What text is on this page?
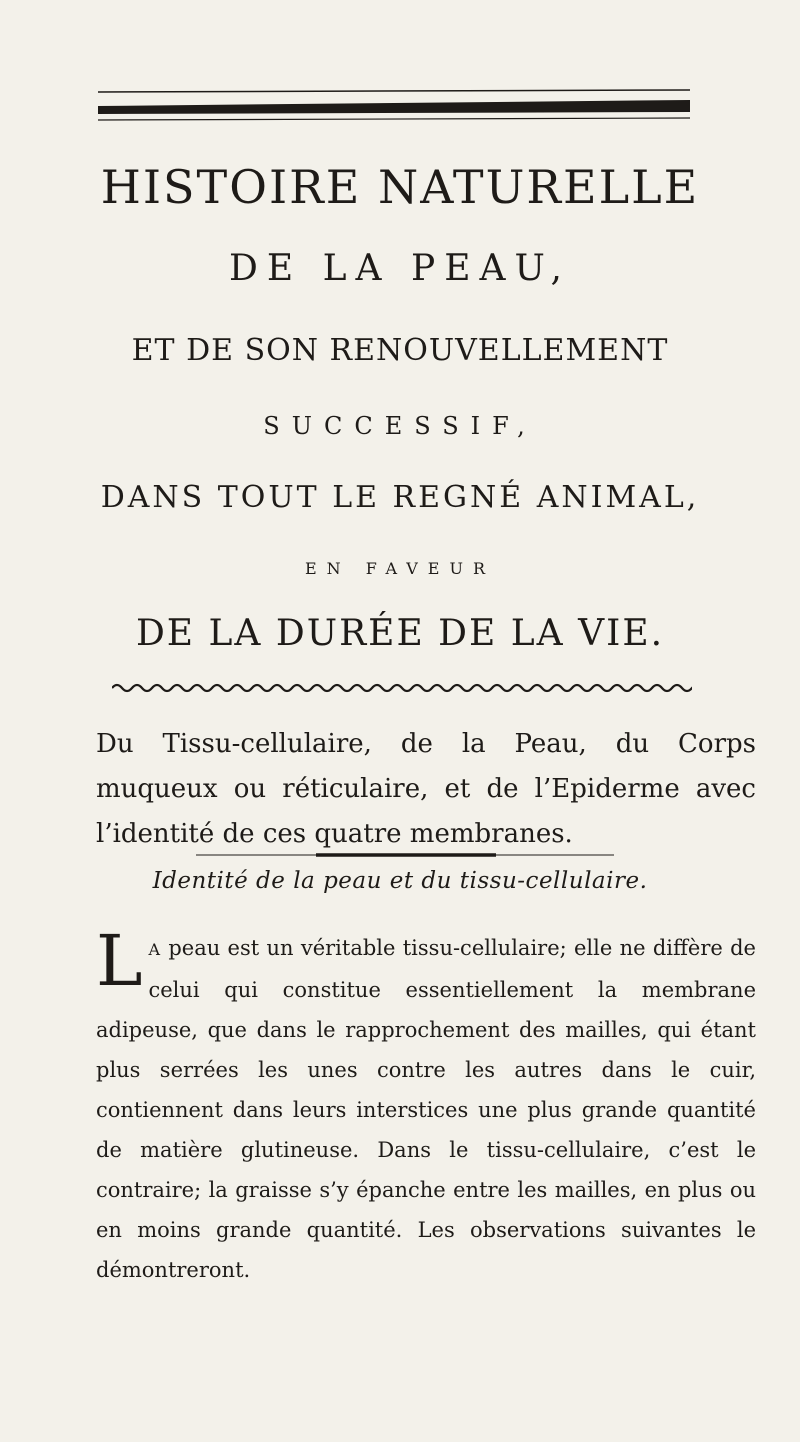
HISTOIRE NATURELLE
DE LA PEAU,
ET DE SON RENOUVELLEMENT
SUCCESSIF,
DANS TOUT LE REGNÉ ANIMAL,
EN FAVEUR
DE LA DURÉE DE LA VIE.
Du Tissu-cellulaire, de la Peau, du Corps muqueux ou réticulaire, et de l’Epiderme avec l’identité de ces quatre membranes.
Identité de la peau et du tissu-cellulaire.
L A peau est un véritable tissu-cellulaire; elle ne diffère de celui qui constitue essentiellement la membrane adipeuse, que dans le rapprochement des mailles, qui étant plus serrées les unes contre les autres dans le cuir, contiennent dans leurs interstices une plus grande quantité de matière glutineuse. Dans le tissu-cellulaire, c’est le contraire; la graisse s’y épanche entre les mailles, en plus ou en moins grande quantité. Les observations suivantes le démontreront.
